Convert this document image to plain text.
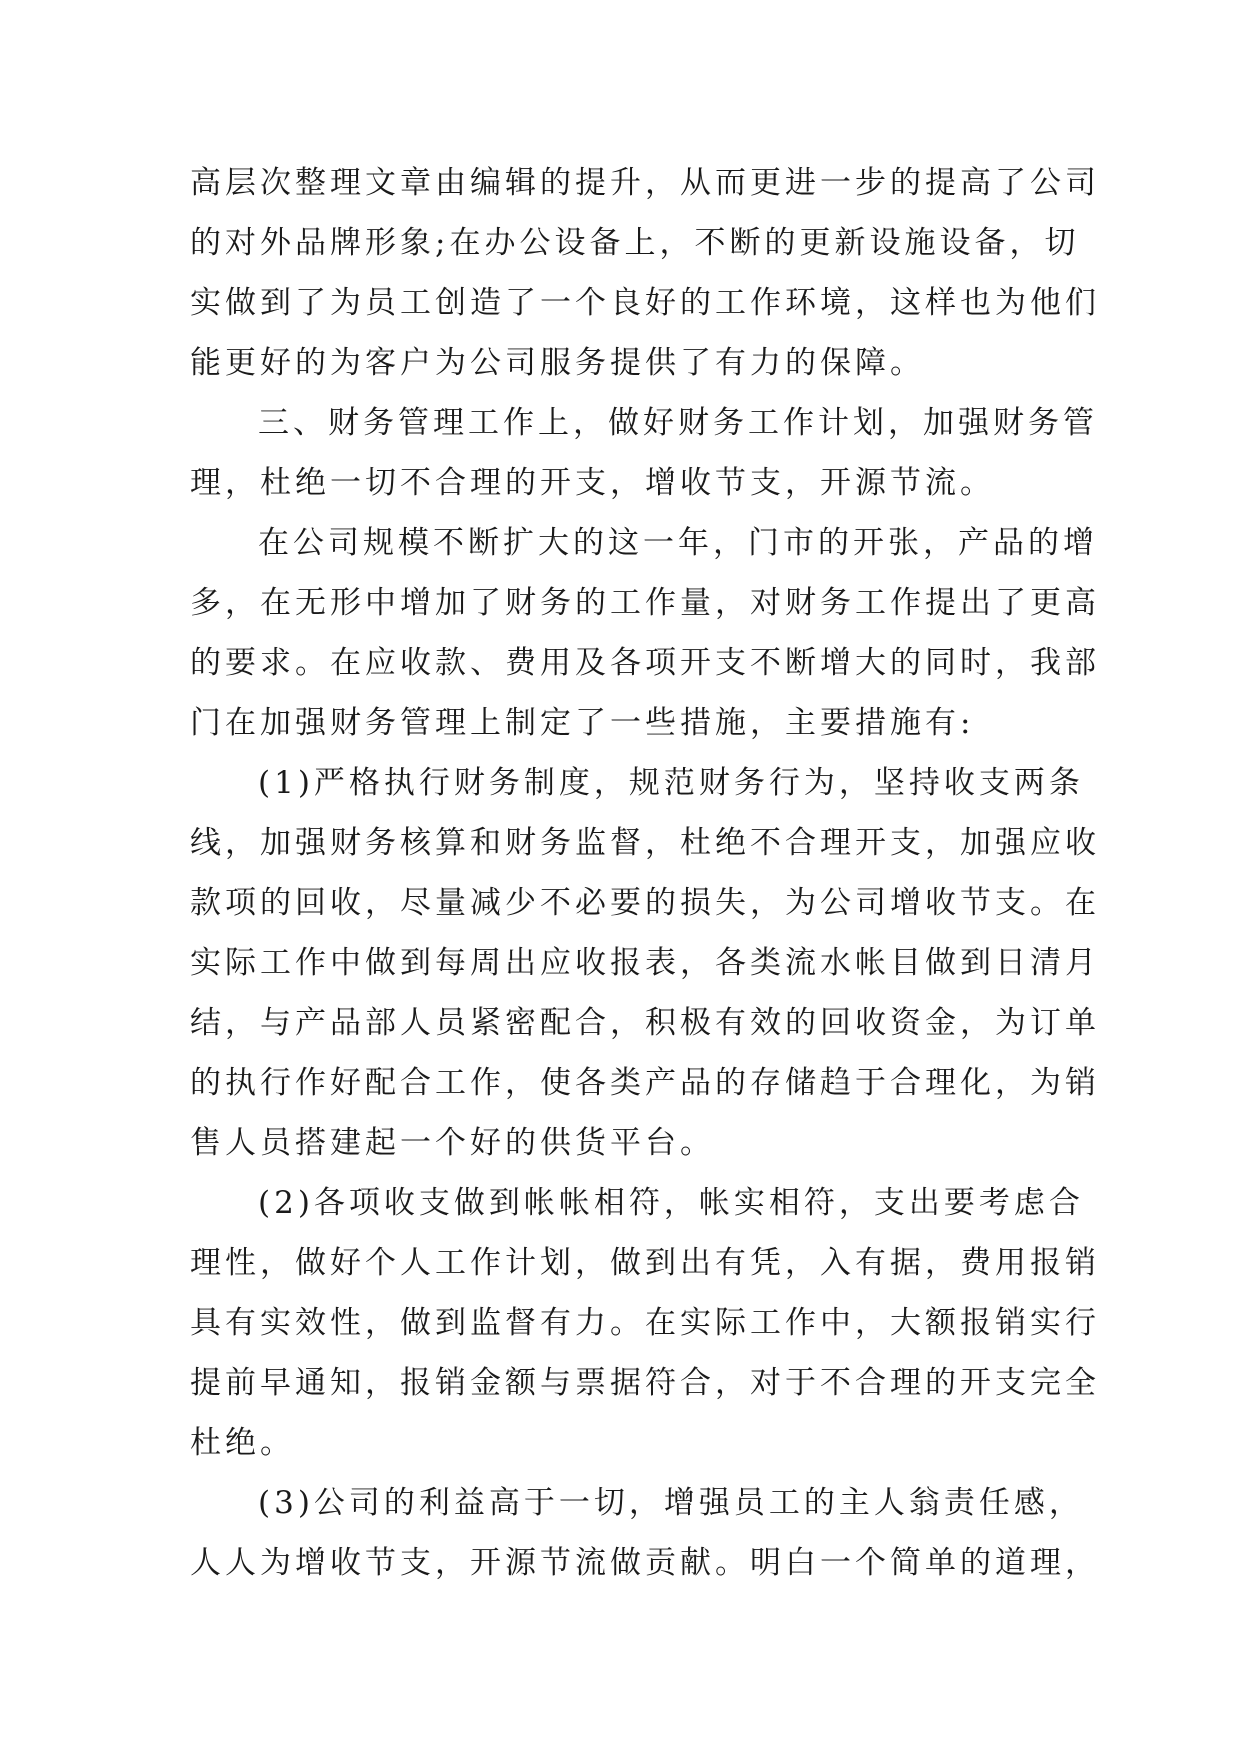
高层次整理文章由编辑的提升，从而更进一步的提高了公司
的对外品牌形象;在办公设备上，不断的更新设施设备，切
实做到了为员工创造了一个良好的工作环境，这样也为他们
能更好的为客户为公司服务提供了有力的保障。
三、财务管理工作上，做好财务工作计划，加强财务管
理，杜绝一切不合理的开支，增收节支，开源节流。
在公司规模不断扩大的这一年，门市的开张，产品的增
多，在无形中增加了财务的工作量，对财务工作提出了更高
的要求。在应收款、费用及各项开支不断增大的同时，我部
门在加强财务管理上制定了一些措施，主要措施有:
(1)严格执行财务制度，规范财务行为，坚持收支两条
线，加强财务核算和财务监督，杜绝不合理开支，加强应收
款项的回收，尽量减少不必要的损失，为公司增收节支。在
实际工作中做到每周出应收报表，各类流水帐目做到日清月
结，与产品部人员紧密配合，积极有效的回收资金，为订单
的执行作好配合工作，使各类产品的存储趋于合理化，为销
售人员搭建起一个好的供货平台。
(2)各项收支做到帐帐相符，帐实相符，支出要考虑合
理性，做好个人工作计划，做到出有凭，入有据，费用报销
具有实效性，做到监督有力。在实际工作中，大额报销实行
提前早通知，报销金额与票据符合，对于不合理的开支完全
杜绝。
(3)公司的利益高于一切，增强员工的主人翁责任感，
人人为增收节支，开源节流做贡献。明白一个简单的道理，
